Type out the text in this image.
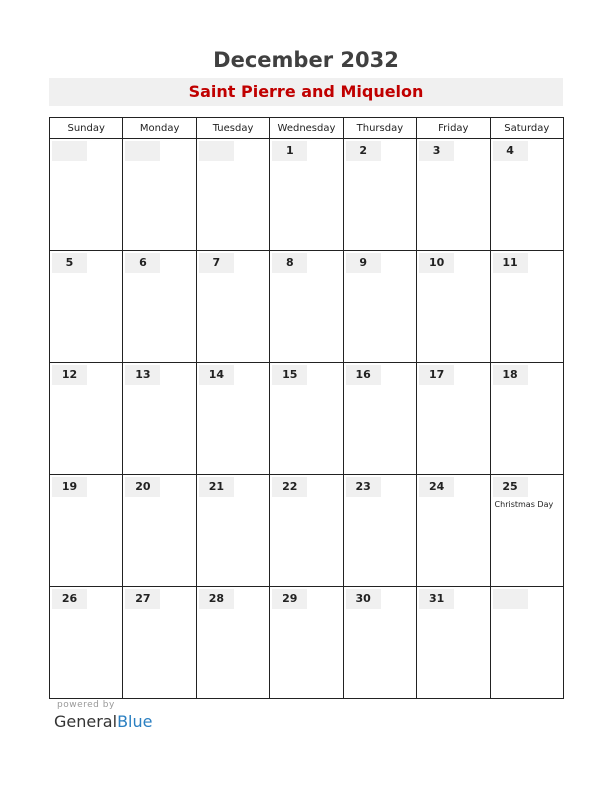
December 2032
Saint Pierre and Miquelon
Sunday	Monday	Tuesday	Wednesday	Thursday	Friday	Saturday

			1	2	3	4

5	6	7	8	9	10	11

12	13	14	15	16	17	18

19	20	21	22	23	24	25
Christmas Day

26	27	28	29	30	31	

powered by
GeneralBlue
